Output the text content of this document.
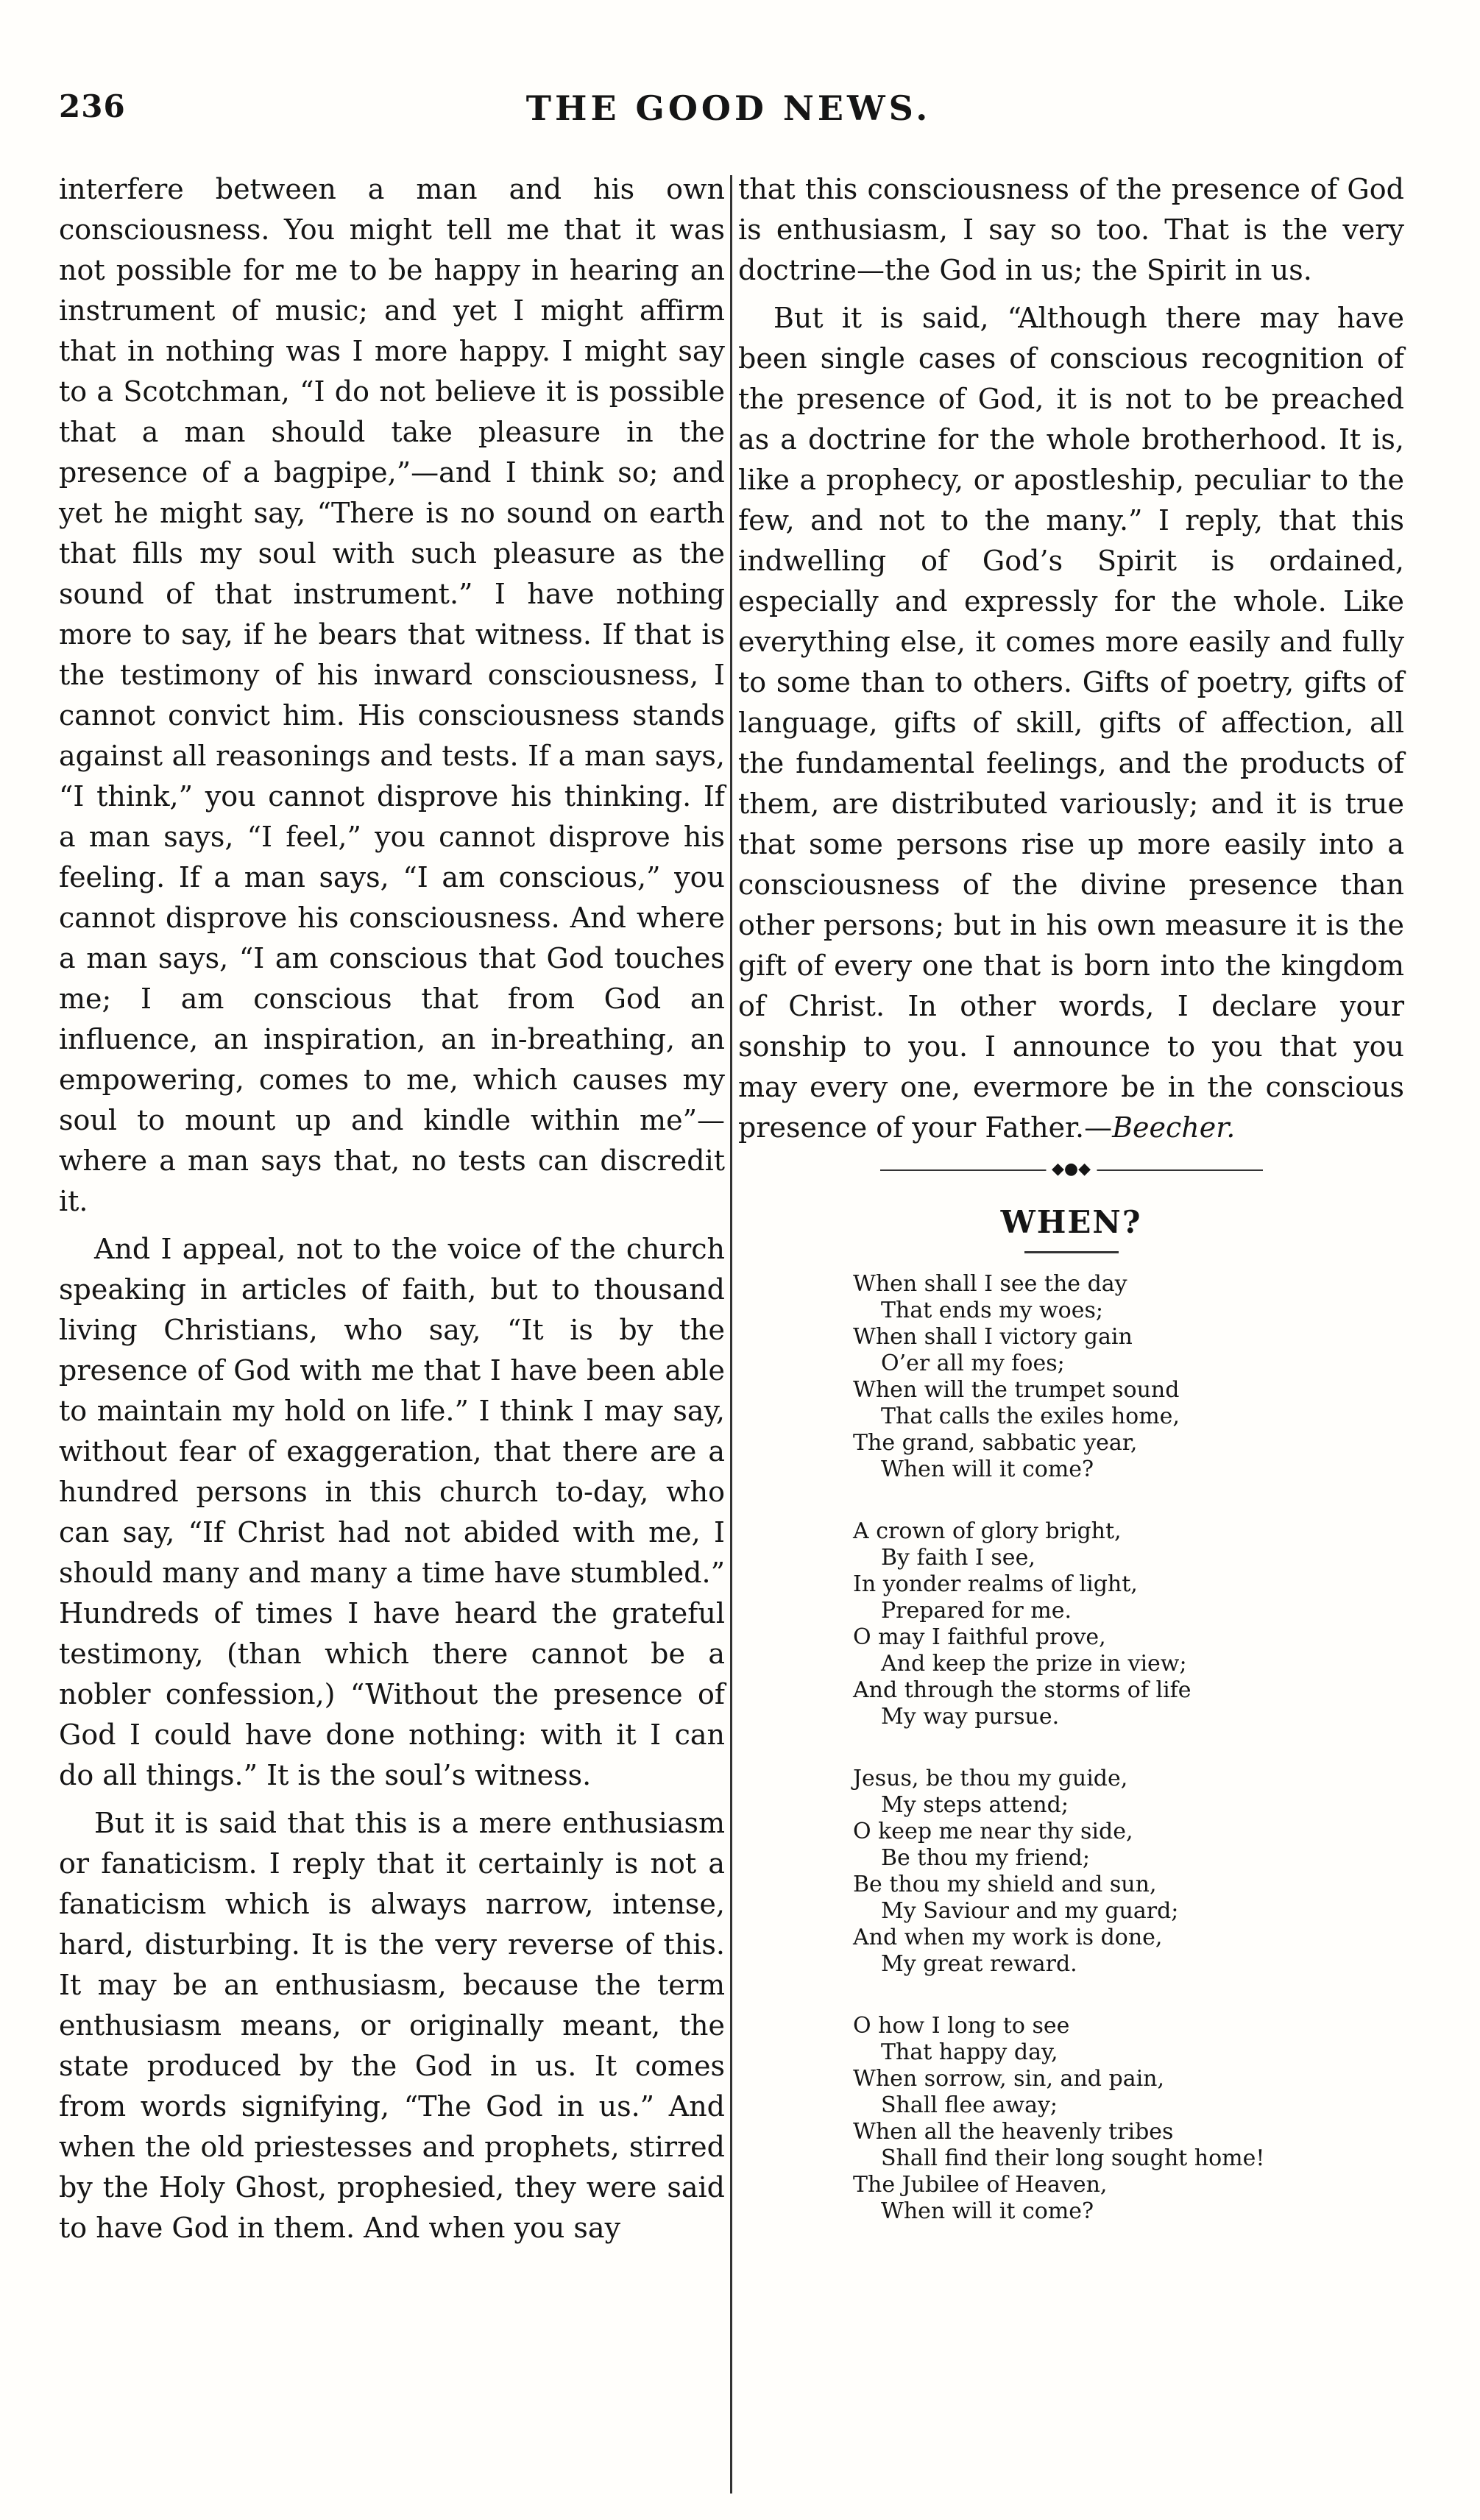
236	THE GOOD NEWS.

interfere between a man and his own consciousness. You might tell me that it was not possible for me to be happy in hearing an instrument of music; and yet I might affirm that in nothing was I more happy. I might say to a Scotchman, “I do not believe it is possible that a man should take pleasure in the presence of a bagpipe,”—and I think so; and yet he might say, “There is no sound on earth that fills my soul with such pleasure as the sound of that instrument.” I have nothing more to say, if he bears that witness. If that is the testimony of his inward consciousness, I cannot convict him. His consciousness stands against all reasonings and tests. If a man says, “I think,” you cannot disprove his thinking. If a man says, “I feel,” you cannot disprove his feeling. If a man says, “I am conscious,” you cannot disprove his consciousness. And where a man says, “I am conscious that God touches me; I am conscious that from God an influence, an inspiration, an in-breathing, an empowering, comes to me, which causes my soul to mount up and kindle within me”—where a man says that, no tests can discredit it.

And I appeal, not to the voice of the church speaking in articles of faith, but to thousand living Christians, who say, “It is by the presence of God with me that I have been able to maintain my hold on life.” I think I may say, without fear of exaggeration, that there are a hundred persons in this church to-day, who can say, “If Christ had not abided with me, I should many and many a time have stumbled.” Hundreds of times I have heard the grateful testimony, (than which there cannot be a nobler confession,) “Without the presence of God I could have done nothing: with it I can do all things.” It is the soul’s witness.

But it is said that this is a mere enthusiasm or fanaticism. I reply that it certainly is not a fanaticism which is always narrow, intense, hard, disturbing. It is the very reverse of this. It may be an enthusiasm, because the term enthusiasm means, or originally meant, the state produced by the God in us. It comes from words signifying, “The God in us.” And when the old priestesses and prophets, stirred by the Holy Ghost, prophesied, they were said to have God in them. And when you say

that this consciousness of the presence of God is enthusiasm, I say so too. That is the very doctrine—the God in us; the Spirit in us.

But it is said, “Although there may have been single cases of conscious recognition of the presence of God, it is not to be preached as a doctrine for the whole brotherhood. It is, like a prophecy, or apostleship, peculiar to the few, and not to the many.” I reply, that this indwelling of God’s Spirit is ordained, especially and expressly for the whole. Like everything else, it comes more easily and fully to some than to others. Gifts of poetry, gifts of language, gifts of skill, gifts of affection, all the fundamental feelings, and the products of them, are distributed variously; and it is true that some persons rise up more easily into a consciousness of the divine presence than other persons; but in his own measure it is the gift of every one that is born into the kingdom of Christ. In other words, I declare your sonship to you. I announce to you that you may every one, evermore be in the conscious presence of your Father.—Beecher.

◆●◆
WHEN?
When shall I see the day
That ends my woes;
When shall I victory gain
O’er all my foes;
When will the trumpet sound
That calls the exiles home,
The grand, sabbatic year,
When will it come?
A crown of glory bright,
By faith I see,
In yonder realms of light,
Prepared for me.
O may I faithful prove,
And keep the prize in view;
And through the storms of life
My way pursue.
Jesus, be thou my guide,
My steps attend;
O keep me near thy side,
Be thou my friend;
Be thou my shield and sun,
My Saviour and my guard;
And when my work is done,
My great reward.
O how I long to see
That happy day,
When sorrow, sin, and pain,
Shall flee away;
When all the heavenly tribes
Shall find their long sought home!
The Jubilee of Heaven,
When will it come?
